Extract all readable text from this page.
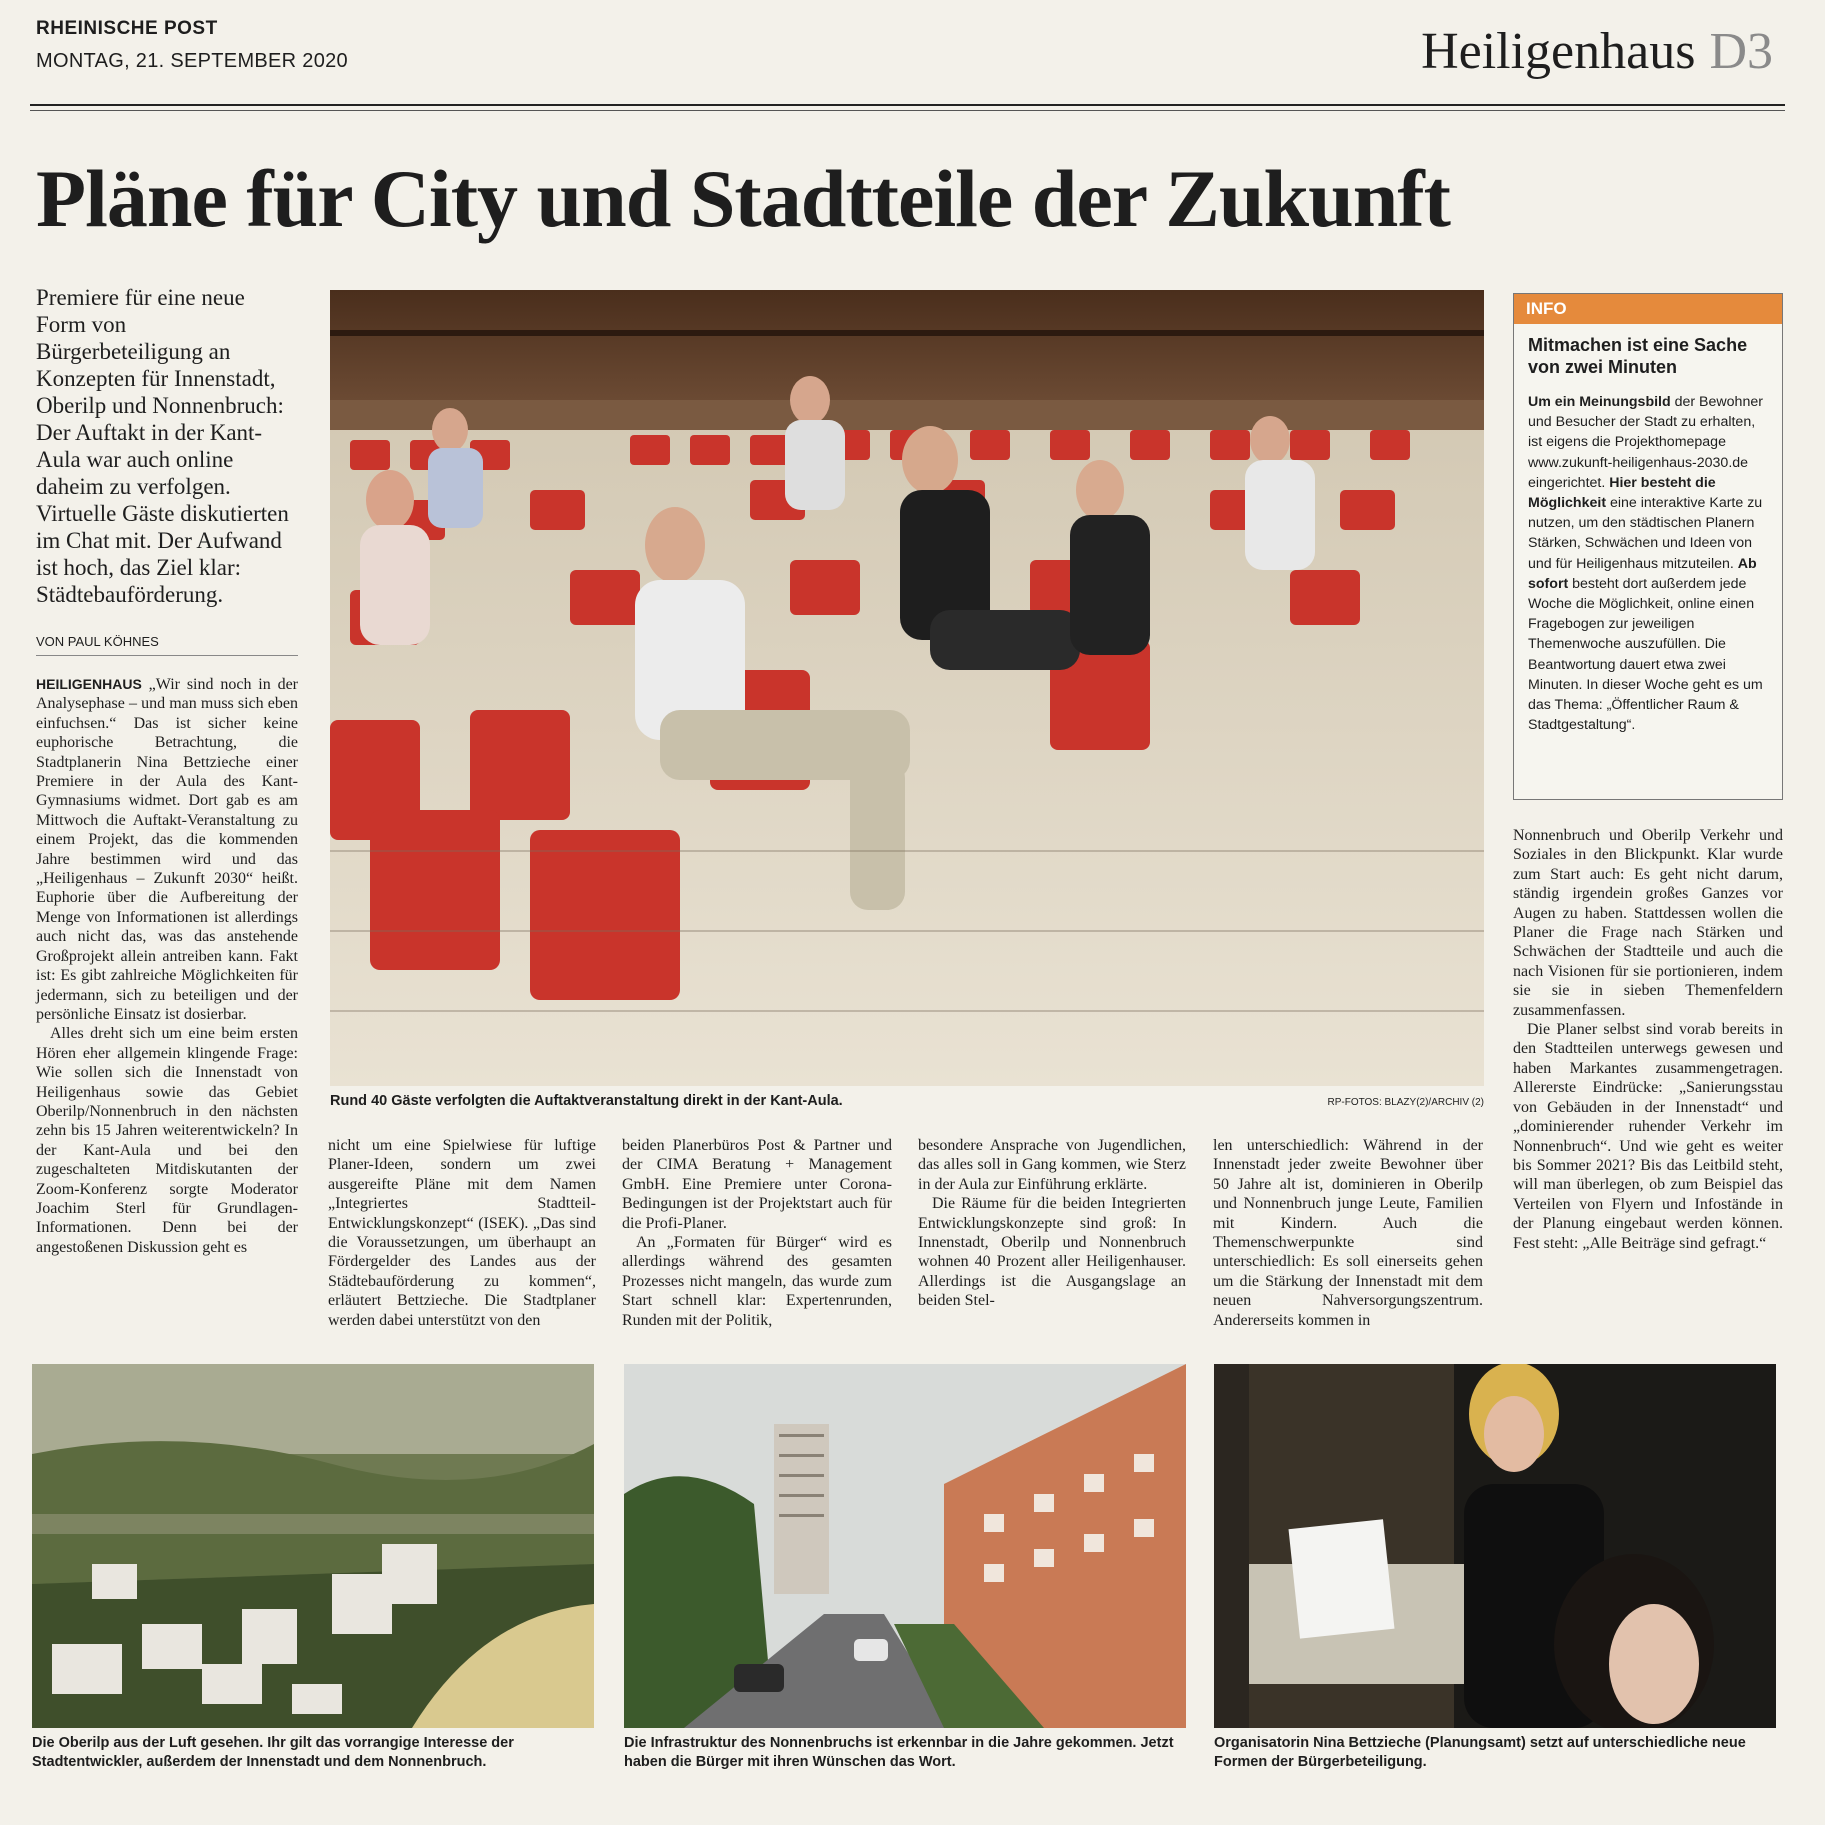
RHEINISCHE POST
MONTAG, 21. SEPTEMBER 2020	Heiligenhaus D3
Pläne für City und Stadtteile der Zukunft
Premiere für eine neue Form von Bürgerbeteiligung an Konzepten für Innenstadt, Oberilp und Nonnenbruch: Der Auftakt in der Kant-Aula war auch online daheim zu verfolgen. Virtuelle Gäste diskutierten im Chat mit. Der Aufwand ist hoch, das Ziel klar: Städtebauförderung.
VON PAUL KÖHNES

HEILIGENHAUS „Wir sind noch in der Analysephase – und man muss sich eben einfuchsen.“ Das ist sicher keine euphorische Betrachtung, die Stadtplanerin Nina Bettzieche einer Premiere in der Aula des Kant-Gymnasiums widmet. Dort gab es am Mittwoch die Auftakt-Veranstaltung zu einem Projekt, das die kommenden Jahre bestimmen wird und das „Heiligenhaus – Zukunft 2030“ heißt. Euphorie über die Aufbereitung der Menge von Informationen ist allerdings auch nicht das, was das anstehende Großprojekt allein antreiben kann. Fakt ist: Es gibt zahlreiche Möglichkeiten für jedermann, sich zu beteiligen und der persönliche Einsatz ist dosierbar.

Alles dreht sich um eine beim ersten Hören eher allgemein klingende Frage: Wie sollen sich die Innenstadt von Heiligenhaus sowie das Gebiet Oberilp/Nonnenbruch in den nächsten zehn bis 15 Jahren weiterentwickeln? In der Kant-Aula und bei den zugeschalteten Mitdiskutanten der Zoom-Konferenz sorgte Moderator Joachim Sterl für Grundlagen-Informationen. Denn bei der angestoßenen Diskussion geht es

Rund 40 Gäste verfolgten die Auftaktveranstaltung direkt in der Kant-Aula.	RP-FOTOS: BLAZY(2)/ARCHIV (2)
INFO
Mitmachen ist eine Sache von zwei Minuten
Um ein Meinungsbild der Bewohner und Besucher der Stadt zu erhalten, ist eigens die Projekthomepage www.zukunft-heiligenhaus-2030.de eingerichtet. Hier besteht die Möglichkeit eine interaktive Karte zu nutzen, um den städtischen Planern Stärken, Schwächen und Ideen von und für Heiligenhaus mitzuteilen. Ab sofort besteht dort außerdem jede Woche die Möglichkeit, online einen Fragebogen zur jeweiligen Themenwoche auszufüllen. Die Beantwortung dauert etwa zwei Minuten. In dieser Woche geht es um das Thema: „Öffentlicher Raum & Stadtgestaltung“.

Nonnenbruch und Oberilp Verkehr und Soziales in den Blickpunkt. Klar wurde zum Start auch: Es geht nicht darum, ständig irgendein großes Ganzes vor Augen zu haben. Stattdessen wollen die Planer die Frage nach Stärken und Schwächen der Stadtteile und auch die nach Visionen für sie portionieren, indem sie sie in sieben Themenfeldern zusammenfassen.

Die Planer selbst sind vorab bereits in den Stadtteilen unterwegs gewesen und haben Markantes zusammengetragen. Allererste Eindrücke: „Sanierungsstau von Gebäuden in der Innenstadt“ und „dominierender ruhender Verkehr im Nonnenbruch“. Und wie geht es weiter bis Sommer 2021? Bis das Leitbild steht, will man überlegen, ob zum Beispiel das Verteilen von Flyern und Infostände in der Planung eingebaut werden können. Fest steht: „Alle Beiträge sind gefragt.“

nicht um eine Spielwiese für luftige Planer-Ideen, sondern um zwei ausgereifte Pläne mit dem Namen „Integriertes Stadtteil-Entwicklungskonzept“ (ISEK). „Das sind die Voraussetzungen, um überhaupt an Fördergelder des Landes aus der Städtebauförderung zu kommen“, erläutert Bettzieche. Die Stadtplaner werden dabei unterstützt von den

beiden Planerbüros Post & Partner und der CIMA Beratung + Management GmbH. Eine Premiere unter Corona-Bedingungen ist der Projektstart auch für die Profi-Planer.

An „Formaten für Bürger“ wird es allerdings während des gesamten Prozesses nicht mangeln, das wurde zum Start schnell klar: Expertenrunden, Runden mit der Politik,

besondere Ansprache von Jugendlichen, das alles soll in Gang kommen, wie Sterz in der Aula zur Einführung erklärte.

Die Räume für die beiden Integrierten Entwicklungskonzepte sind groß: In Innenstadt, Oberilp und Nonnenbruch wohnen 40 Prozent aller Heiligenhauser. Allerdings ist die Ausgangslage an beiden Stel-

len unterschiedlich: Während in der Innenstadt jeder zweite Bewohner über 50 Jahre alt ist, dominieren in Oberilp und Nonnenbruch junge Leute, Familien mit Kindern. Auch die Themenschwerpunkte sind unterschiedlich: Es soll einerseits gehen um die Stärkung der Innenstadt mit dem neuen Nahversorgungszentrum. Andererseits kommen in

Die Oberilp aus der Luft gesehen. Ihr gilt das vorrangige Interesse der Stadtentwickler, außerdem der Innenstadt und dem Nonnenbruch.
Die Infrastruktur des Nonnenbruchs ist erkennbar in die Jahre gekommen. Jetzt haben die Bürger mit ihren Wünschen das Wort.
Organisatorin Nina Bettzieche (Planungsamt) setzt auf unterschiedliche neue Formen der Bürgerbeteiligung.
